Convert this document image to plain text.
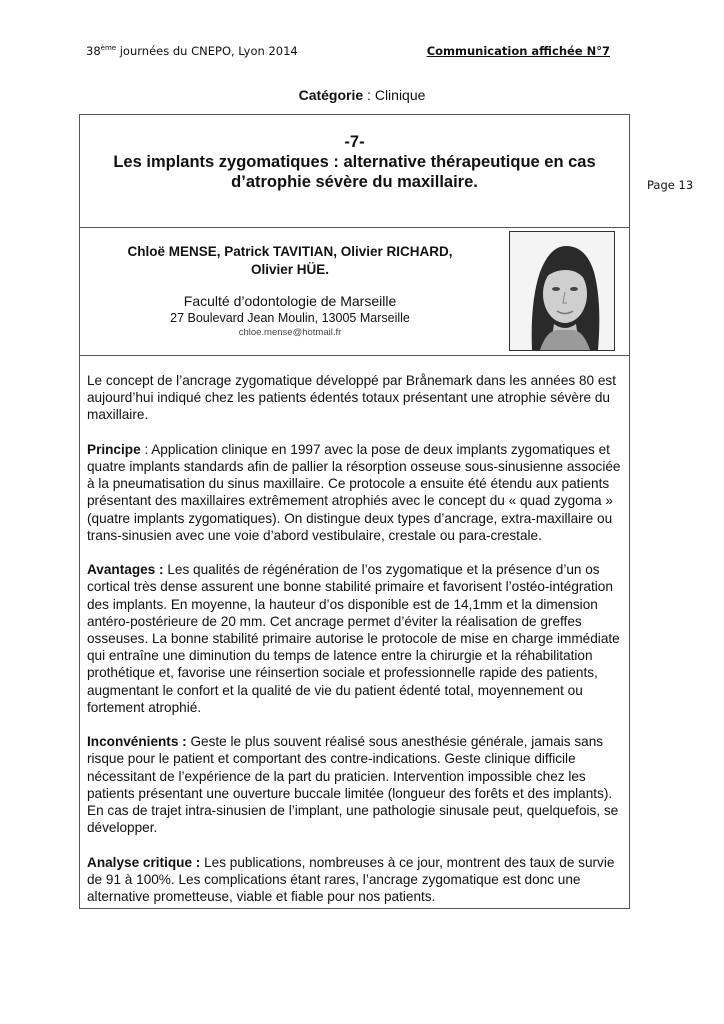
38ème journées du CNEPO, Lyon 2014	Communication affichée N°7
Catégorie : Clinique
Page 13
-7-
Les implants zygomatiques : alternative thérapeutique en cas
d’atrophie sévère du maxillaire.
Chloë MENSE, Patrick TAVITIAN, Olivier RICHARD,
Olivier HÜE.
Faculté d’odontologie de Marseille
27 Boulevard Jean Moulin, 13005 Marseille
chloe.mense@hotmail.fr

Le concept de l’ancrage zygomatique développé par Brånemark dans les années 80 est aujourd’hui indiqué chez les patients édentés totaux présentant une atrophie sévère du maxillaire.

Principe : Application clinique en 1997 avec la pose de deux implants zygomatiques et quatre implants standards afin de pallier la résorption osseuse sous-sinusienne associée à la pneumatisation du sinus maxillaire. Ce protocole a ensuite été étendu aux patients présentant des maxillaires extrêmement atrophiés avec le concept du « quad zygoma » (quatre implants zygomatiques). On distingue deux types d’ancrage, extra-maxillaire ou trans-sinusien avec une voie d’abord vestibulaire, crestale ou para-crestale.

Avantages : Les qualités de régénération de l’os zygomatique et la présence d’un os cortical très dense assurent une bonne stabilité primaire et favorisent l’ostéo-intégration des implants. En moyenne, la hauteur d’os disponible est de 14,1mm et la dimension antéro-postérieure de 20 mm. Cet ancrage permet d’éviter la réalisation de greffes osseuses. La bonne stabilité primaire autorise le protocole de mise en charge immédiate qui entraîne une diminution du temps de latence entre la chirurgie et la réhabilitation prothétique et, favorise une réinsertion sociale et professionnelle rapide des patients, augmentant le confort et la qualité de vie du patient édenté total, moyennement ou fortement atrophié.

Inconvénients : Geste le plus souvent réalisé sous anesthésie générale, jamais sans risque pour le patient et comportant des contre-indications. Geste clinique difficile nécessitant de l’expérience de la part du praticien. Intervention impossible chez les patients présentant une ouverture buccale limitée (longueur des forêts et des implants). En cas de trajet intra-sinusien de l’implant, une pathologie sinusale peut, quelquefois, se développer.

Analyse critique : Les publications, nombreuses à ce jour, montrent des taux de survie de 91 à 100%. Les complications étant rares, l’ancrage zygomatique est donc une alternative prometteuse, viable et fiable pour nos patients.
